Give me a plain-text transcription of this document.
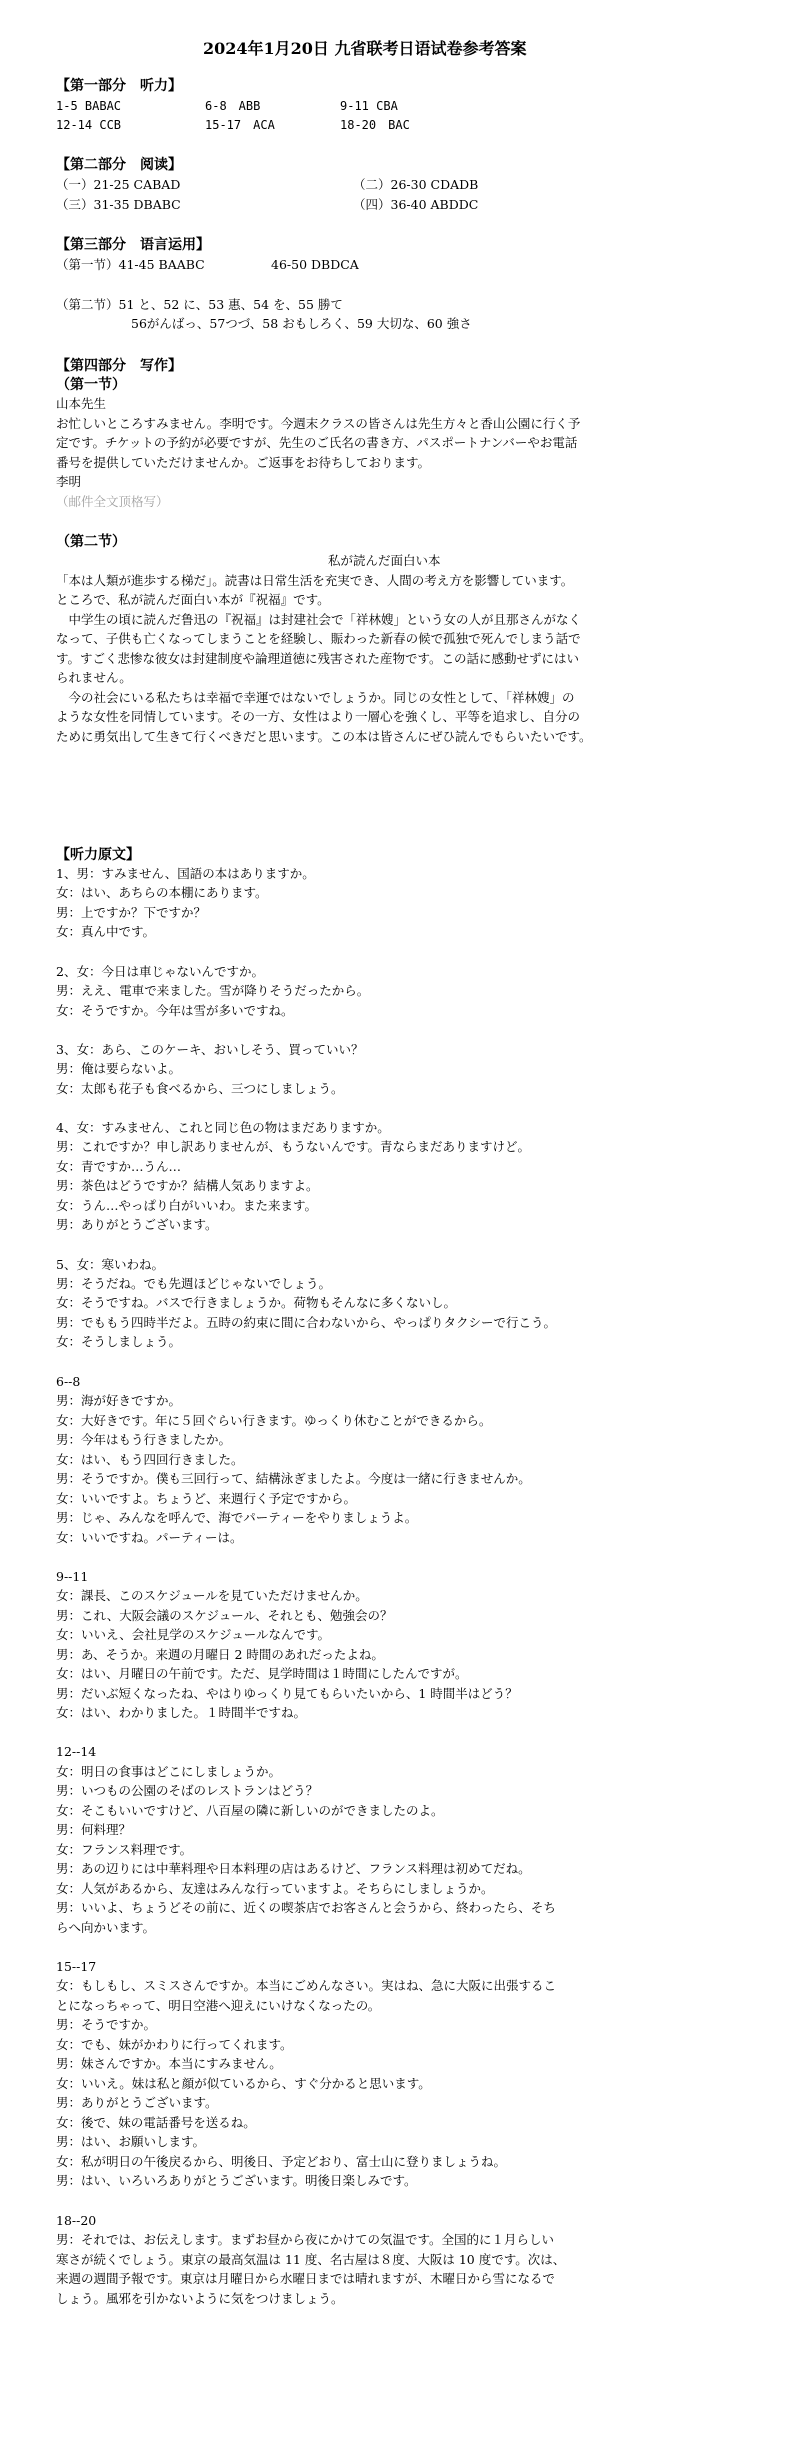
2024年1月20日 九省联考日语试卷参考答案
【第一部分　听力】
1-5 BABAC	6-8　ABB	9-11 CBA
12-14 CCB	15-17　ACA	18-20　BAC
【第二部分　阅读】
（一）21-25 CABAD	（二）26-30 CDADB
（三）31-35 DBABC	（四）36-40 ABDDC
【第三部分　语言运用】
（第一节）41-45 BAABC	46-50 DBDCA
（第二节）51 と、52 に、53 惠、54 を、55 勝て
56がんばっ、57つづ、58 おもしろく、59 大切な、60 強さ
【第四部分　写作】
（第一节）
山本先生
お忙しいところすみません。李明です。今週末クラスの皆さんは先生方々と香山公園に行く予
定です。チケットの予約が必要ですが、先生のご氏名の書き方、パスポートナンバーやお電話
番号を提供していただけませんか。ご返事をお待ちしております。
李明
（邮件全文顶格写）
（第二节）
私が読んだ面白い本
「本は人類が進歩する梯だ」。読書は日常生活を充実でき、人間の考え方を影響しています。
ところで、私が読んだ面白い本が『祝福』です。
　中学生の頃に読んだ鲁迅の『祝福』は封建社会で「祥林嫂」という女の人が且那さんがなく
なって、子供も亡くなってしまうことを経験し、賑わった新春の候で孤独で死んでしまう話で
す。すごく悲惨な彼女は封建制度や論理道徳に残害された産物です。この話に感動せずにはい
られません。
　今の社会にいる私たちは幸福で幸運ではないでしょうか。同じの女性として、「祥林嫂」の
ような女性を同情しています。その一方、女性はより一層心を強くし、平等を追求し、自分の
ために勇気出して生きて行くべきだと思います。この本は皆さんにぜひ読んでもらいたいです。
【听力原文】
1、男：すみません、国語の本はありますか。
女：はい、あちらの本棚にあります。
男：上ですか？下ですか？
女：真ん中です。
2、女：今日は車じゃないんですか。
男：ええ、電車で来ました。雪が降りそうだったから。
女：そうですか。今年は雪が多いですね。
3、女：あら、このケーキ、おいしそう、買っていい？
男：俺は要らないよ。
女：太郎も花子も食べるから、三つにしましょう。
4、女：すみません、これと同じ色の物はまだありますか。
男：これですか？申し訳ありませんが、もうないんです。青ならまだありますけど。
女：青ですか…うん…
男：茶色はどうですか？結構人気ありますよ。
女：うん…やっぱり白がいいわ。また来ます。
男：ありがとうございます。
5、女：寒いわね。
男：そうだね。でも先週ほどじゃないでしょう。
女：そうですね。バスで行きましょうか。荷物もそんなに多くないし。
男：でももう四時半だよ。五時の約束に間に合わないから、やっぱりタクシーで行こう。
女：そうしましょう。
6--8
男：海が好きですか。
女：大好きです。年に５回ぐらい行きます。ゆっくり休むことができるから。
男：今年はもう行きましたか。
女：はい、もう四回行きました。
男：そうですか。僕も三回行って、結構泳ぎましたよ。今度は一緒に行きませんか。
女：いいですよ。ちょうど、来週行く予定ですから。
男：じゃ、みんなを呼んで、海でパーティーをやりましょうよ。
女：いいですね。パーティーは。
9--11
女：課長、このスケジュールを見ていただけませんか。
男：これ、大阪会議のスケジュール、それとも、勉強会の？
女：いいえ、会社見学のスケジュールなんです。
男：あ、そうか。来週の月曜日 2 時間のあれだったよね。
女：はい、月曜日の午前です。ただ、見学時間は１時間にしたんですが。
男：だいぶ短くなったね、やはりゆっくり見てもらいたいから、1 時間半はどう？
女：はい、わかりました。１時間半ですね。
12--14
女：明日の食事はどこにしましょうか。
男：いつもの公園のそばのレストランはどう？
女：そこもいいですけど、八百屋の隣に新しいのができましたのよ。
男：何料理？
女：フランス料理です。
男：あの辺りには中華料理や日本料理の店はあるけど、フランス料理は初めてだね。
女：人気があるから、友達はみんな行っていますよ。そちらにしましょうか。
男：いいよ、ちょうどその前に、近くの喫茶店でお客さんと会うから、終わったら、そち
らへ向かいます。
15--17
女：もしもし、スミスさんですか。本当にごめんなさい。実はね、急に大阪に出張するこ
とになっちゃって、明日空港へ迎えにいけなくなったの。
男：そうですか。
女：でも、妹がかわりに行ってくれます。
男：妹さんですか。本当にすみません。
女：いいえ。妹は私と顔が似ているから、すぐ分かると思います。
男：ありがとうございます。
女：後で、妹の電話番号を送るね。
男：はい、お願いします。
女：私が明日の午後戻るから、明後日、予定どおり、富士山に登りましょうね。
男：はい、いろいろありがとうございます。明後日楽しみです。
18--20
男：それでは、お伝えします。まずお昼から夜にかけての気温です。全国的に１月らしい
寒さが続くでしょう。東京の最高気温は 11 度、名古屋は８度、大阪は 10 度です。次は、
来週の週間予報です。東京は月曜日から水曜日までは晴れますが、木曜日から雪になるで
しょう。風邪を引かないように気をつけましょう。
